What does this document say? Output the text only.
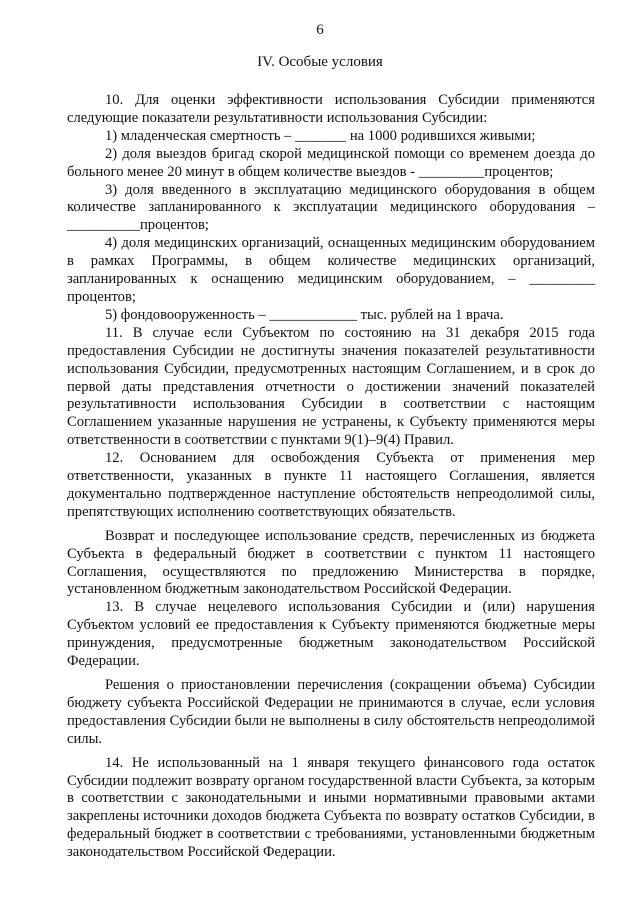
6
IV. Особые условия

10. Для оценки эффективности использования Субсидии применяются следующие показатели результативности использования Субсидии:

1) младенческая смертность – _______ на 1000 родившихся живыми;

2) доля выездов бригад скорой медицинской помощи со временем доезда до больного менее 20 минут в общем количестве выездов - _________процентов;

3) доля введенного в эксплуатацию медицинского оборудования в общем количестве запланированного к эксплуатации медицинского оборудования – __________процентов;

4) доля медицинских организаций, оснащенных медицинским оборудованием в рамках Программы, в общем количестве медицинских организаций, запланированных к оснащению медицинским оборудованием, – _________ процентов;

5) фондовооруженность – ____________ тыс. рублей на 1 врача.

11. В случае если Субъектом по состоянию на 31 декабря 2015 года предоставления Субсидии не достигнуты значения показателей результативности использования Субсидии, предусмотренных настоящим Соглашением, и в срок до первой даты представления отчетности о достижении значений показателей результативности использования Субсидии в соответствии с настоящим Соглашением указанные нарушения не устранены, к Субъекту применяются меры ответственности в соответствии с пунктами 9(1)–9(4) Правил.

12. Основанием для освобождения Субъекта от применения мер ответственности, указанных в пункте 11 настоящего Соглашения, является документально подтвержденное наступление обстоятельств непреодолимой силы, препятствующих исполнению соответствующих обязательств.

Возврат и последующее использование средств, перечисленных из бюджета Субъекта в федеральный бюджет в соответствии с пунктом 11 настоящего Соглашения, осуществляются по предложению Министерства в порядке, установленном бюджетным законодательством Российской Федерации.

13. В случае нецелевого использования Субсидии и (или) нарушения Субъектом условий ее предоставления к Субъекту применяются бюджетные меры принуждения, предусмотренные бюджетным законодательством Российской Федерации.

Решения о приостановлении перечисления (сокращении объема) Субсидии бюджету субъекта Российской Федерации не принимаются в случае, если условия предоставления Субсидии были не выполнены в силу обстоятельств непреодолимой силы.

14. Не использованный на 1 января текущего финансового года остаток Субсидии подлежит возврату органом государственной власти Субъекта, за которым в соответствии с законодательными и иными нормативными правовыми актами закреплены источники доходов бюджета Субъекта по возврату остатков Субсидии, в федеральный бюджет в соответствии с требованиями, установленными бюджетным законодательством Российской Федерации.
